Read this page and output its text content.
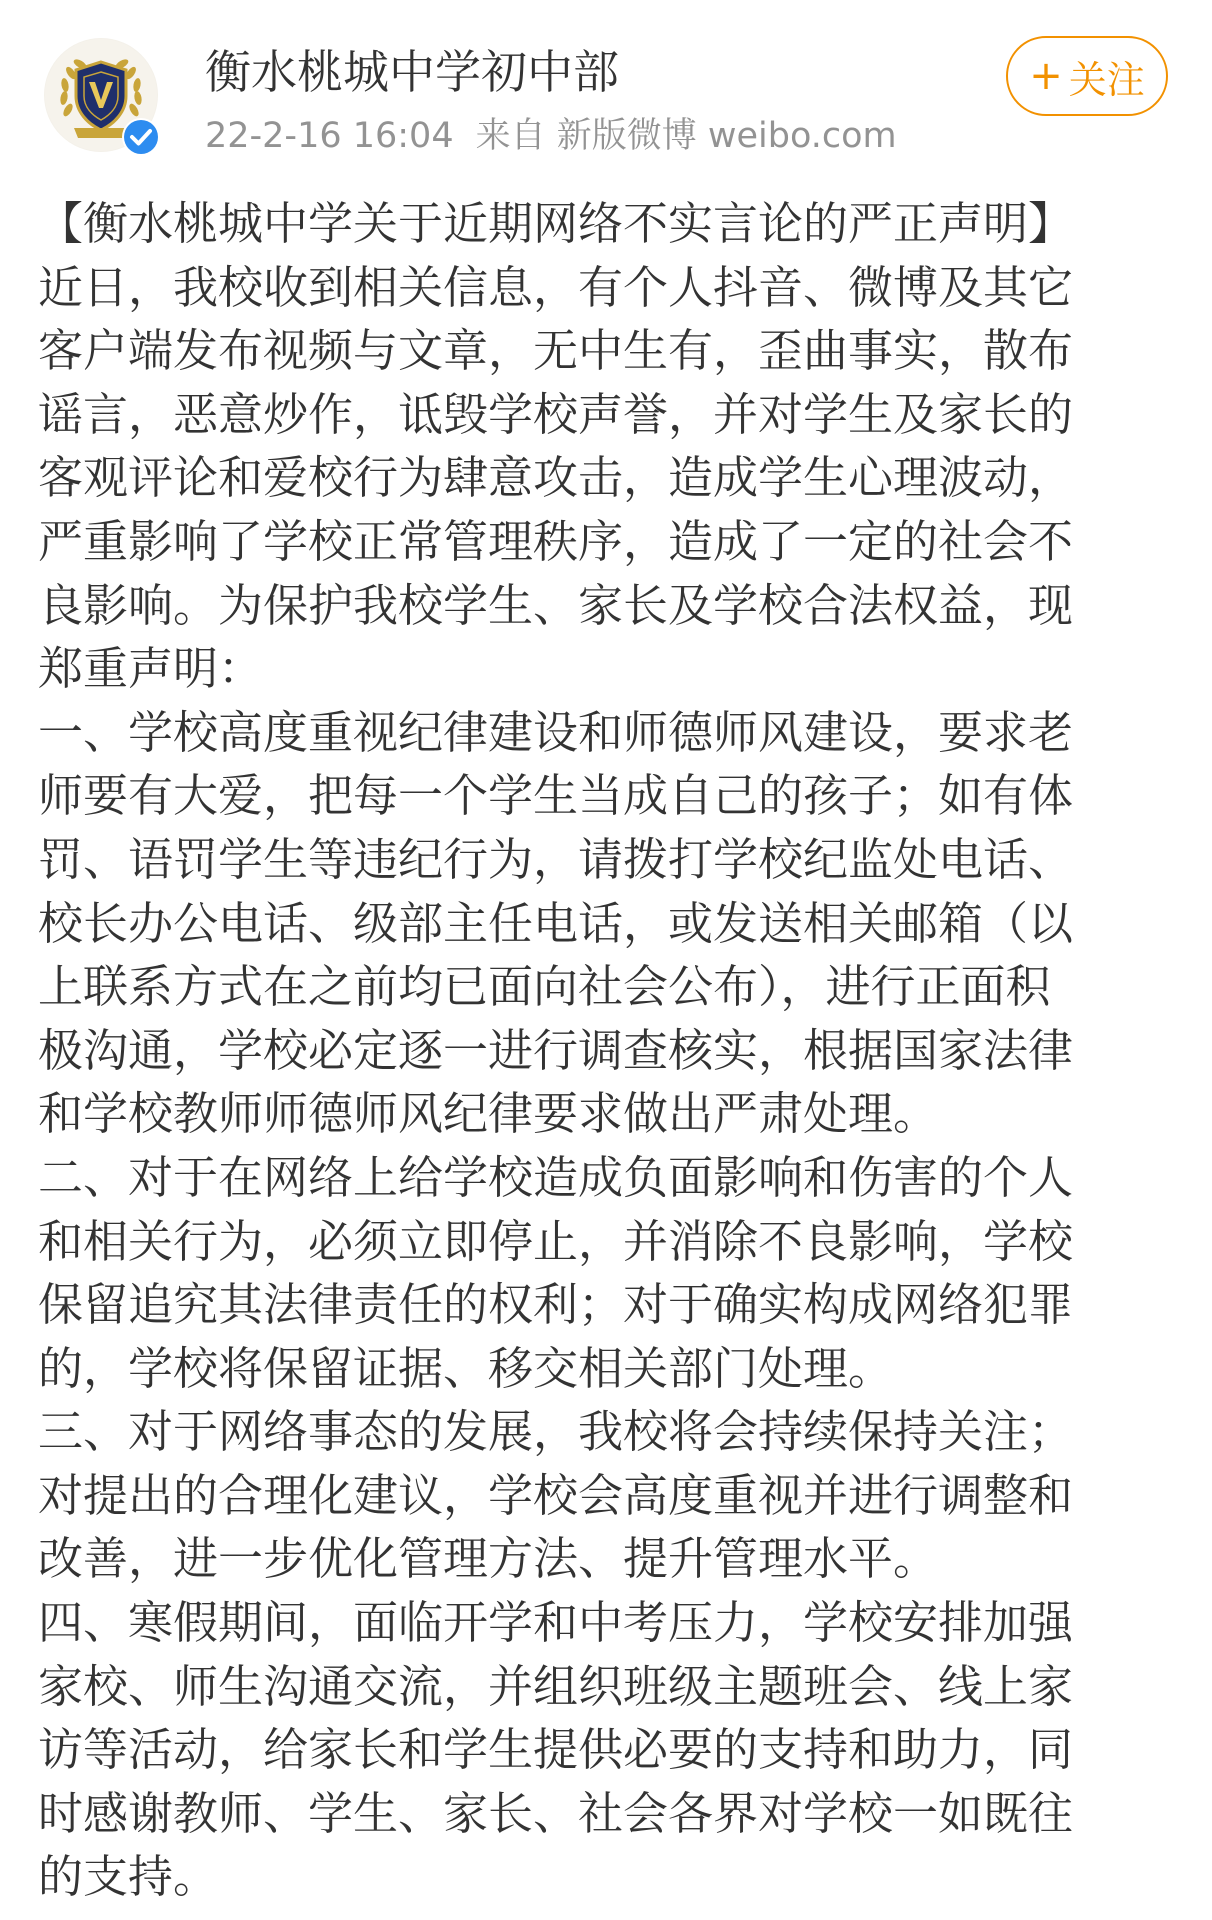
衡水桃城中学初中部
22-2-16 16:04 来自 新版微博 weibo.com
+ 关注
【衡水桃城中学关于近期网络不实言论的严正声明】
近日，我校收到相关信息，有个人抖音、微博及其它
客户端发布视频与文章，无中生有，歪曲事实，散布
谣言，恶意炒作，诋毁学校声誉，并对学生及家长的
客观评论和爱校行为肆意攻击，造成学生心理波动，
严重影响了学校正常管理秩序，造成了一定的社会不
良影响。为保护我校学生、家长及学校合法权益，现
郑重声明：
一、学校高度重视纪律建设和师德师风建设，要求老
师要有大爱，把每一个学生当成自己的孩子；如有体
罚、语罚学生等违纪行为，请拨打学校纪监处电话、
校长办公电话、级部主任电话，或发送相关邮箱（以
上联系方式在之前均已面向社会公布），进行正面积
极沟通，学校必定逐一进行调查核实，根据国家法律
和学校教师师德师风纪律要求做出严肃处理。
二、对于在网络上给学校造成负面影响和伤害的个人
和相关行为，必须立即停止，并消除不良影响，学校
保留追究其法律责任的权利；对于确实构成网络犯罪
的，学校将保留证据、移交相关部门处理。
三、对于网络事态的发展，我校将会持续保持关注；
对提出的合理化建议，学校会高度重视并进行调整和
改善，进一步优化管理方法、提升管理水平。
四、寒假期间，面临开学和中考压力，学校安排加强
家校、师生沟通交流，并组织班级主题班会、线上家
访等活动，给家长和学生提供必要的支持和助力，同
时感谢教师、学生、家长、社会各界对学校一如既往
的支持。
